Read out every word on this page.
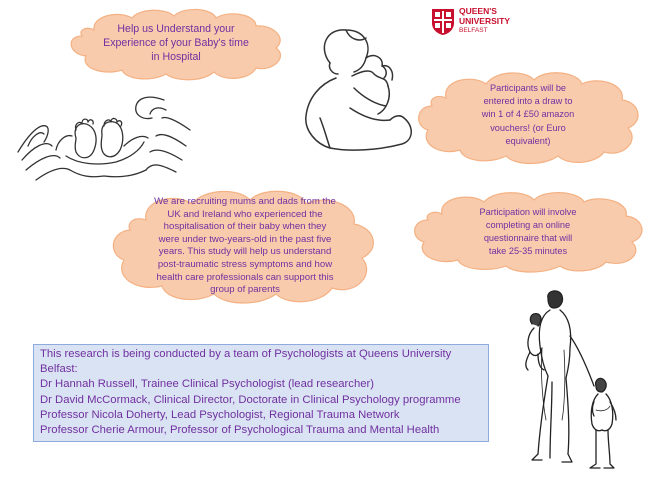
Help us Understand your
Experience of your Baby's time
in Hospital
QUEEN'S
UNIVERSITY
BELFAST
Participants will be
entered into a draw to
win 1 of 4 £50 amazon
vouchers! (or Euro
equivalent)
We are recruiting mums and dads from the
UK and Ireland who experienced the
hospitalisation of their baby when they
were under two-years-old in the past five
years. This study will help us understand
post-traumatic stress symptoms and how
health care professionals can support this
group of parents
Participation will involve
completing an online
questionnaire that will
take 25-35 minutes
This research is being conducted by a team of Psychologists at Queens University
Belfast:
Dr Hannah Russell, Trainee Clinical Psychologist (lead researcher)
Dr David McCormack, Clinical Director, Doctorate in Clinical Psychology programme
Professor Nicola Doherty, Lead Psychologist, Regional Trauma Network
Professor Cherie Armour, Professor of Psychological Trauma and Mental Health
